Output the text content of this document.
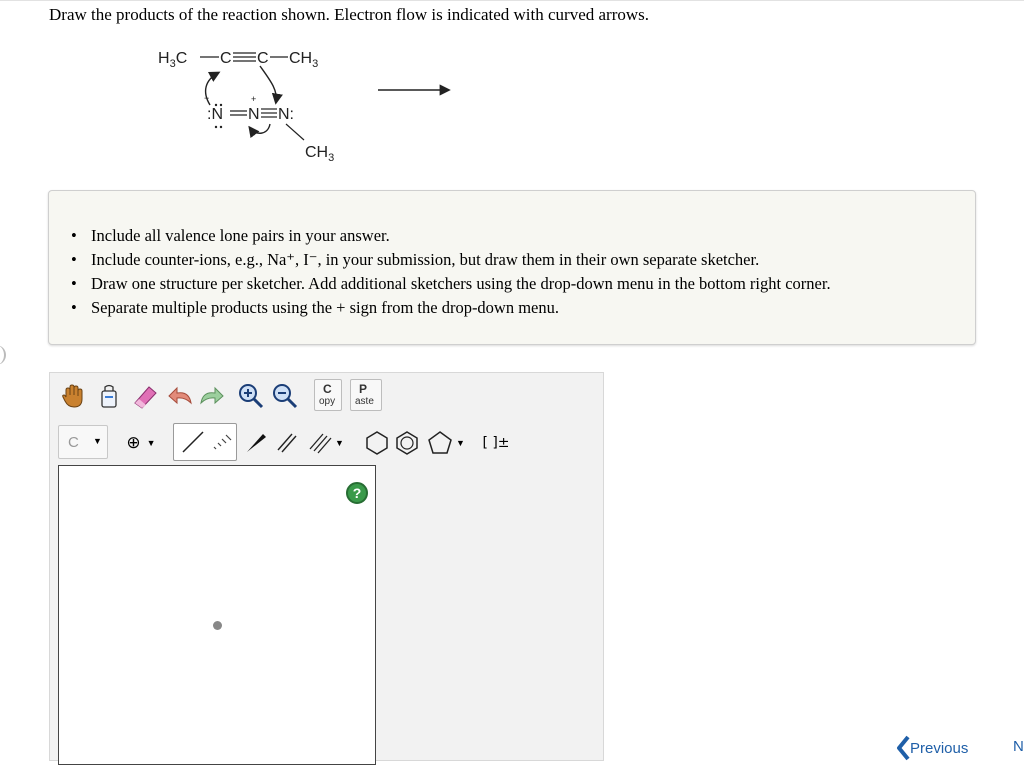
Draw the products of the reaction shown. Electron flow is indicated with curved arrows.
$H_3C$ C C $CH_3$
−
:N N
+
N:
$CH_3$
• Include all valence lone pairs in your answer.
• Include counter-ions, e.g., Na⁺, I⁻, in your submission, but draw them in their own separate sketcher.
• Draw one structure per sketcher. Add additional sketchers using the drop-down menu in the bottom right corner.
• Separate multiple products using the + sign from the drop-down menu.
C
opy
P
aste
C ▼ ⊕ ▼	▼	▼	[ ]±
?
Previous	N
